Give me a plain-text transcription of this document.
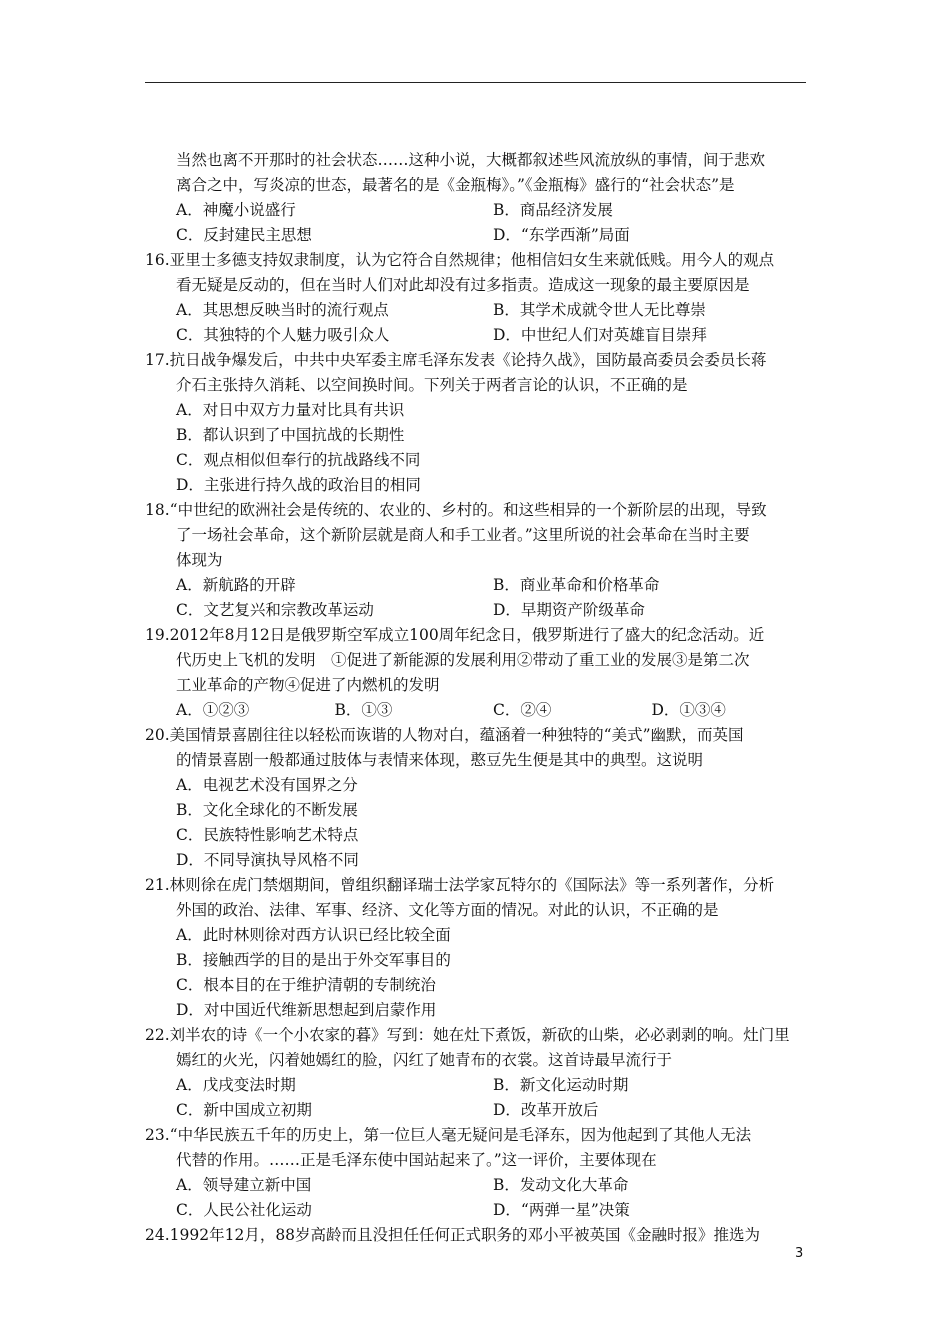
当然也离不开那时的社会状态……这种小说，大概都叙述些风流放纵的事情，间于悲欢
离合之中，写炎凉的世态，最著名的是《金瓶梅》。”《金瓶梅》盛行的“社会状态”是
A．神魔小说盛行	B．商品经济发展
C．反封建民主思想	D．“东学西渐”局面
16.亚里士多德支持奴隶制度，认为它符合自然规律；他相信妇女生来就低贱。用今人的观点
看无疑是反动的，但在当时人们对此却没有过多指责。造成这一现象的最主要原因是
A．其思想反映当时的流行观点	B．其学术成就令世人无比尊崇
C．其独特的个人魅力吸引众人	D．中世纪人们对英雄盲目崇拜
17.抗日战争爆发后，中共中央军委主席毛泽东发表《论持久战》，国防最高委员会委员长蒋
介石主张持久消耗、以空间换时间。下列关于两者言论的认识，不正确的是
A．对日中双方力量对比具有共识
B．都认识到了中国抗战的长期性
C．观点相似但奉行的抗战路线不同
D．主张进行持久战的政治目的相同
18.“中世纪的欧洲社会是传统的、农业的、乡村的。和这些相异的一个新阶层的出现，导致
了一场社会革命，这个新阶层就是商人和手工业者。”这里所说的社会革命在当时主要
体现为
A．新航路的开辟	B．商业革命和价格革命
C．文艺复兴和宗教改革运动	D．早期资产阶级革命
19.2012年8月12日是俄罗斯空军成立100周年纪念日，俄罗斯进行了盛大的纪念活动。近
代历史上飞机的发明　①促进了新能源的发展利用②带动了重工业的发展③是第二次
工业革命的产物④促进了内燃机的发明
A．①②③	B．①③	C．②④	D．①③④
20.美国情景喜剧往往以轻松而诙谐的人物对白，蕴涵着一种独特的“美式”幽默，而英国
的情景喜剧一般都通过肢体与表情来体现，憨豆先生便是其中的典型。这说明
A．电视艺术没有国界之分
B．文化全球化的不断发展
C．民族特性影响艺术特点
D．不同导演执导风格不同
21.林则徐在虎门禁烟期间，曾组织翻译瑞士法学家瓦特尔的《国际法》等一系列著作，分析
外国的政治、法律、军事、经济、文化等方面的情况。对此的认识，不正确的是
A．此时林则徐对西方认识已经比较全面
B．接触西学的目的是出于外交军事目的
C．根本目的在于维护清朝的专制统治
D．对中国近代维新思想起到启蒙作用
22.刘半农的诗《一个小农家的暮》写到：她在灶下煮饭，新砍的山柴，必必剥剥的响。灶门里
嫣红的火光，闪着她嫣红的脸，闪红了她青布的衣裳。这首诗最早流行于
A．戊戌变法时期	B．新文化运动时期
C．新中国成立初期	D．改革开放后
23.“中华民族五千年的历史上，第一位巨人毫无疑问是毛泽东，因为他起到了其他人无法
代替的作用。……正是毛泽东使中国站起来了。”这一评价，主要体现在
A．领导建立新中国	B．发动文化大革命
C．人民公社化运动	D．“两弹一星”决策
24.1992年12月，88岁高龄而且没担任任何正式职务的邓小平被英国《金融时报》推选为
3
